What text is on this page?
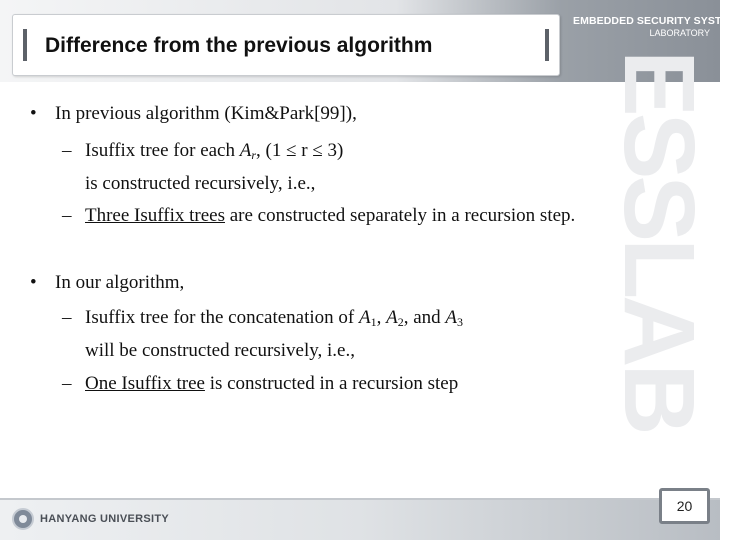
ESSLAB
Difference from the previous algorithm
EMBEDDED SECURITY SYSTEM
LABORATORY
• In previous algorithm (Kim&Park[99]),
– Isuffix tree for each $A_r$, (1 ≤ r ≤ 3)
is constructed recursively, i.e.,
– Three Isuffix trees are constructed separately in a recursion step.
• In our algorithm,
– Isuffix tree for the concatenation of $A_1$, $A_2$, and $A_3$
will be constructed recursively, i.e.,
– One Isuffix tree is constructed in a recursion step
HANYANG UNIVERSITY
20
